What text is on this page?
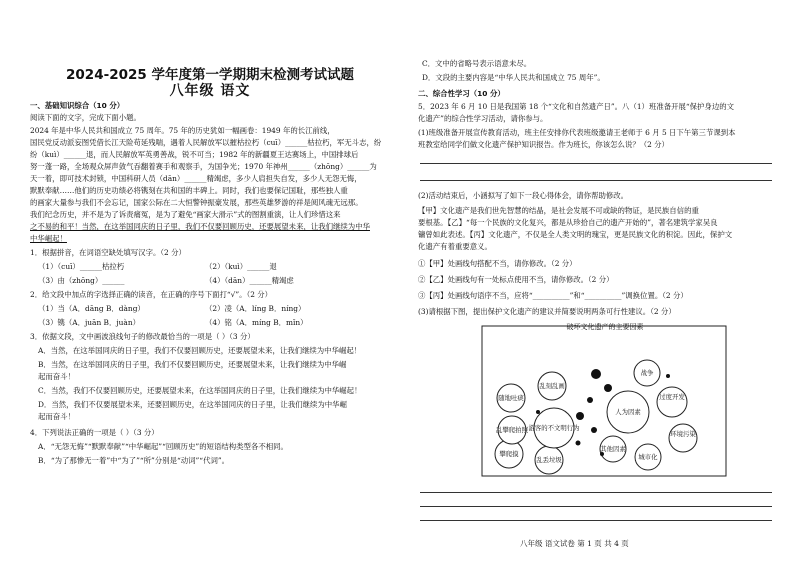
2024-2025 学年度第一学期期末检测考试试题
八年级 语文
一、基础知识综合（10 分）
阅读下面的文字，完成下面小题。
2024 年是中华人民共和国成立 75 周年。75 年的历史犹如一幅画卷：1949 年的长江前线，
国民党反动派妄图凭借长江天险苟延残喘，遇着人民解放军以摧枯拉朽（cuī）______枯拉朽，军无斗志，纷
纷（kuì）______退，而人民解放军英勇善战，锐不可当；1982 年的新疆夏王达赛场上，中国排球后
努一蓬一路，全场观众屏声敛气吞翻着赛手和观察手，为国争光；1970 年神州______（zhōng）______为
天一着，即可技术封锁，中国科研人员（dān）______精竭虑，多少人肩担失自发，多少人无怨无悔，
默默奉献……他们的历史功绩必将镌刻在共和国的丰碑上。同时，我们也要保记国耻，那些独人重
的画家大量参与我们不会忘记，国家公际在二大恒警钟振豪发展，那些英雄梦游的祥是阅风魂无远那。
我们纪念历史，并不是为了诉责痛冤，是为了避免“画家大滑示”式的图割重演，让人们珍惜这来
之不易的和平！当然，在这举国同庆的日子里，我们不仅要回顾历史，还要展望未来，让我们继续为中华
中华崛起！
1．根据拼音，在词语空缺处填写汉字。（2 分）
（1）（cuī）______枯拉朽	（2）（kuì）______退
（3）由（zhōng）______	（4）（dān）______精竭虑
2．给文段中加点的字选择正确的读音，在正确的序号下面打“√”。（2 分）
（1）当（A．dāng B．dàng）	（2）凌（A．líng B．níng）
（3）镌（A．juān B．juàn）	（4）铭（A．míng B．mǐn）
3．依据文段，文中画波浪线句子的修改最恰当的一项是（ ）（3 分）
A．当然，在这举国同庆的日子里，我们不仅要回顾历史，还要展望未来，让我们继续为中华崛起！
B．当然，在这举国同庆的日子里，我们不仅要回顾历史，还要展望未来，让我们继续为中华崛
起而奋斗！
C．当然，我们不仅要回顾历史，还要展望未来，在这举国同庆的日子里，让我们继续为中华崛起！
D．当然，我们不仅要展望未来，还要回顾历史，在这举国同庆的日子里，让我们继续为中华崛
起而奋斗！
4．下列说法正确的一项是（ ）（3 分）
A．“无怨无悔”“默默奉献”“中华崛起”“回顾历史”的短语结构类型各不相同。
B．“为了那惨无一着”中“为了”“所”分别是“动词”“代词”。
C．文中的省略号表示语意未尽。
D．文段的主要内容是“中华人民共和国成立 75 周年”。
二、综合性学习（10 分）
5．2023 年 6 月 10 日是我国第 18 个“文化和自然遗产日”。八（1）班准备开展“保护身边的文
化遗产”的综合性学习活动，请你参与。
(1)班级准备开展宣传教育活动，班主任安排你代表班级邀请王老师于 6 月 5 日下午第三节课到本
班教室给同学们做文化遗产保护知识报告。作为班长，你该怎么说？（2 分）
(2)活动结束后，小涵拟写了如下一段心得体会，请你帮助修改。
【甲】文化遗产是我们世先智慧的结晶，是社会发展不可或缺的物证，是民族自信的重
要根基。【乙】“每一个民族的文化复兴，都是从珍拾自己的遗产开始的”，著名建筑学家吴良
镛曾如此表述。【丙】文化遗产，不仅是全人类文明的瑰宝，更是民族文化的积淀。因此，保护文
化遗产有着重要意义。
①【甲】处画线句搭配不当，请你修改。（2 分）
②【乙】处画线句有一处标点使用不当，请你修改。（2 分）
③【丙】处画线句语序不当，应将“__________”和“__________”调换位置。（2 分）
(3)请根据下图，提出保护文化遗产的建议并简要说明两条可行性建议。（2 分）
破坏文化遗产的主要因素
战争
过度开发
环境污染
城市化
其他因素
乱丢垃圾
攀爬摸
乱刻乱画
随地吐痰
乱攀爬拍照 游客的不文明行为
人为因素
八年级 语文试卷 第 1 页 共 4 页
